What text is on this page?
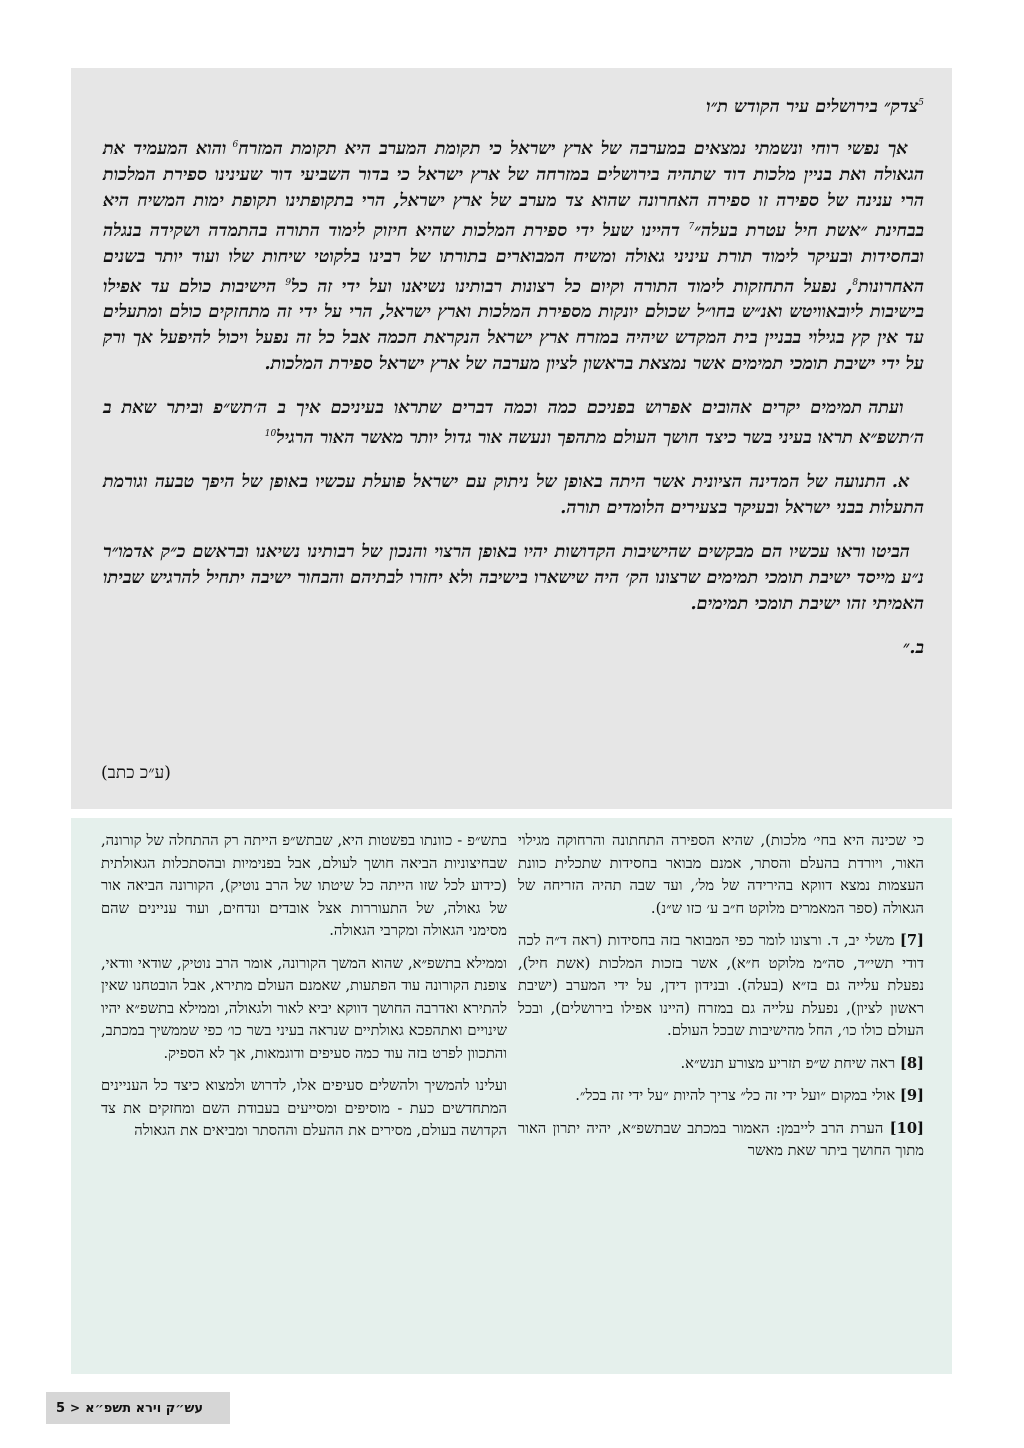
$^5$צדק״ בירושלים עיר הקודש ת״ו

אך נפשי רוחי ונשמתי נמצאים במערבה של ארץ ישראל כי תקומת המערב היא תקומת המזרח$^6$ והוא המעמיד את הגאולה ואת בניין מלכות דוד שתהיה בירושלים במזרחה של ארץ ישראל כי בדור השביעי דור שעינינו ספירת המלכות הרי ענינה של ספירה זו ספירה האחרונה שהוא צד מערב של ארץ ישראל, הרי בתקופתינו תקופת ימות המשיח היא בבחינת ״אשת חיל עטרת בעלה״$^7$ דהיינו שעל ידי ספירת המלכות שהיא חיזוק לימוד התורה בהתמדה ושקידה בנגלה ובחסידות ובעיקר לימוד תורת עיניני גאולה ומשיח המבוארים בתורתו של רבינו בלקוטי שיחות שלו ועוד יותר בשנים האחרונות$^8$, נפעל התחזקות לימוד התורה וקיום כל רצונות רבותינו נשיאנו ועל ידי זה כל$^9$ הישיבות כולם עד אפילו בישיבות ליובאוויטש ואנ״ש בחו״ל שכולם יונקות מספירת המלכות וארץ ישראל, הרי על ידי זה מתחזקים כולם ומתעלים עד אין קץ בגילוי בבניין בית המקדש שיהיה במזרח ארץ ישראל הנקראת חכמה אבל כל זה נפעל ויכול להיפעל אך ורק על ידי ישיבת תומכי תמימים אשר נמצאת בראשון לציון מערבה של ארץ ישראל ספירת המלכות.

ועתה תמימים יקרים אהובים אפרוש בפניכם כמה וכמה דברים שתראו בעיניכם איך ב ה׳תש״פ וביתר שאת ב ה׳תשפ״א תראו בעיני בשר כיצד חושך העולם מתהפך ונעשה אור גדול יותר מאשר האור הרגיל$^{10}$

א. התנועה של המדינה הציונית אשר היתה באופן של ניתוק עם ישראל פועלת עכשיו באופן של היפך טבעה וגורמת התעלות בבני ישראל ובעיקר בצעירים הלומדים תורה.

הביטו וראו עכשיו הם מבקשים שהישיבות הקדושות יהיו באופן הרצוי והנכון של רבותינו נשיאנו ובראשם כ״ק אדמו״ר נ״ע מייסד ישיבת תומכי תמימים שרצונו הק׳ היה שישארו בישיבה ולא יחזרו לבתיהם והבחור ישיבה יתחיל להרגיש שביתו האמיתי זהו ישיבת תומכי תמימים.

ב.״

(ע״כ כתב)

כי שכינה היא בחי׳ מלכות), שהיא הספירה התחתונה והרחוקה מגילוי האור, ויורדת בהעלם והסתר, אמנם מבואר בחסידות שתכלית כוונת העצמות נמצא דווקא בהירידה של מל׳, ועד שבה תהיה הזריחה של הגאולה (ספר המאמרים מלוקט ח״ב ע׳ כזו ש״נ).

[7] משלי יב, ד. ורצונו לומר כפי המבואר בזה בחסידות (ראה ד״ה לכה דודי תשי״ד, סה״מ מלוקט ח״א), אשר בזכות המלכות (אשת חיל), נפעלת עלייה גם בז״א (בעלה). ובנידון דידן, על ידי המערב (ישיבת ראשון לציון), נפעלת עלייה גם במזרח (היינו אפילו בירושלים), ובכל העולם כולו כו׳, החל מהישיבות שבכל העולם.

[8] ראה שיחת ש״פ תזריע מצורע תנש״א.

[9] אולי במקום ״ועל ידי זה כל״ צריך להיות ״על ידי זה בכל״.

[10] הערת הרב לייבמן: האמור במכתב שבתשפ״א, יהיה יתרון האור מתוך החושך ביתר שאת מאשר

בתש״פ - כוונתו בפשטות היא, שבתש״פ הייתה רק ההתחלה של קורונה, שבחיצוניות הביאה חושך לעולם, אבל בפנימיות ובהסתכלות הגאולתית (כידוע לכל שזו הייתה כל שיטתו של הרב נוטיק), הקורונה הביאה אור של גאולה, של התעוררות אצל אובדים ונדחים, ועוד עניינים שהם מסימני הגאולה ומקרבי הגאולה.

וממילא בתשפ״א, שהוא המשך הקורונה, אומר הרב נוטיק, שודאי וודאי, צופנת הקורונה עוד הפתעות, שאמנם העולם מתירא, אבל הובטחנו שאין להתירא ואדרבה החושך דווקא יביא לאור ולגאולה, וממילא בתשפ״א יהיו שינויים ואתהפכא גאולתיים שנראה בעיני בשר כו׳ כפי שממשיך במכתב, והתכוון לפרט בזה עוד כמה סעיפים ודוגמאות, אך לא הספיק.

ועלינו להמשיך ולהשלים סעיפים אלו, לדרוש ולמצוא כיצד כל העניינים המתחדשים כעת - מוסיפים ומסייעים בעבודת השם ומחזקים את צד הקדושה בעולם, מסירים את ההעלם וההסתר ומביאים את הגאולה

5 > עש״ק וירא תשפ״א
